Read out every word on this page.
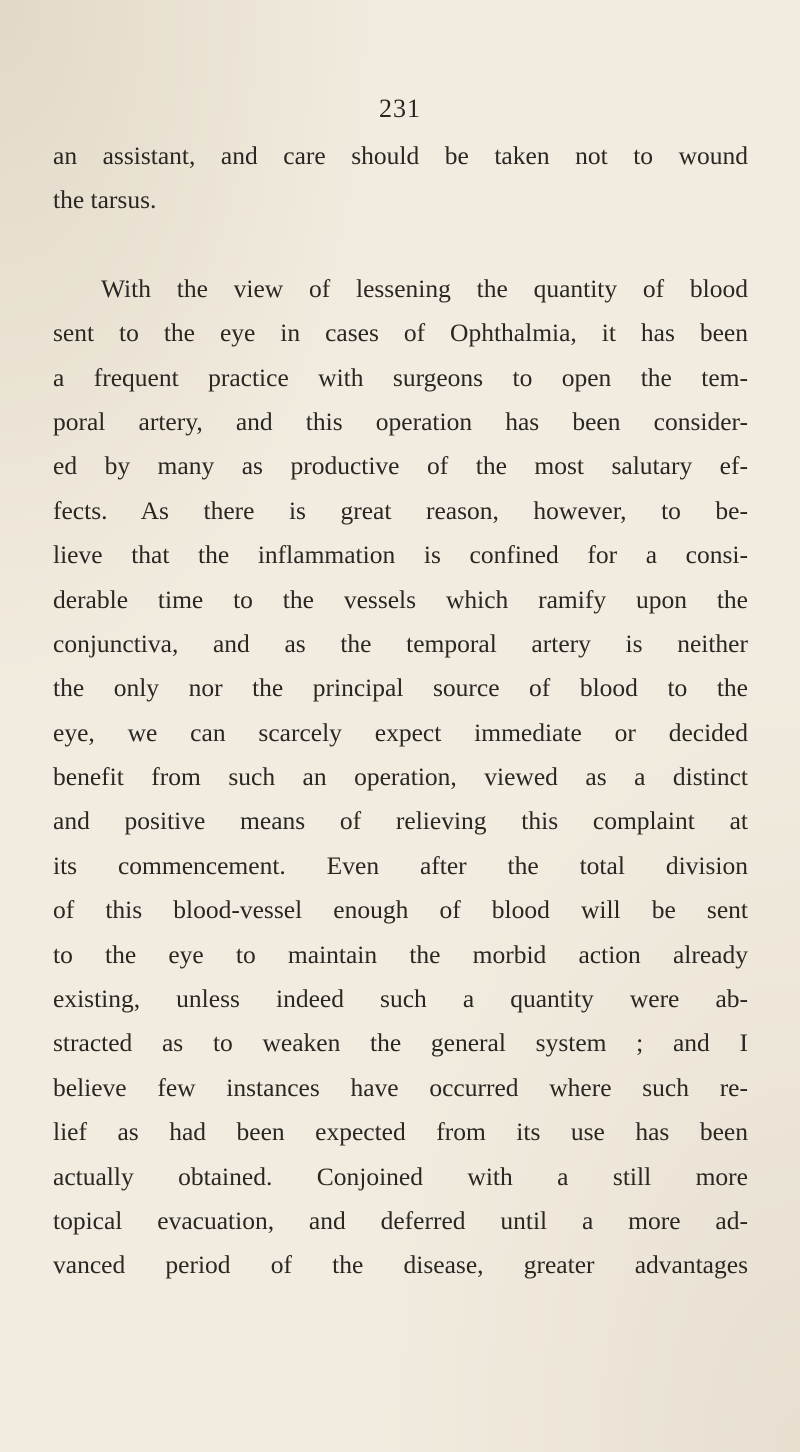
231
an assistant, and care should be taken not to wound
the tarsus.
With the view of lessening the quantity of blood
sent to the eye in cases of Ophthalmia, it has been
a frequent practice with surgeons to open the tem-
poral artery, and this operation has been consider-
ed by many as productive of the most salutary ef-
fects. As there is great reason, however, to be-
lieve that the inflammation is confined for a consi-
derable time to the vessels which ramify upon the
conjunctiva, and as the temporal artery is neither
the only nor the principal source of blood to the
eye, we can scarcely expect immediate or decided
benefit from such an operation, viewed as a distinct
and positive means of relieving this complaint at
its commencement. Even after the total division
of this blood-vessel enough of blood will be sent
to the eye to maintain the morbid action already
existing, unless indeed such a quantity were ab-
stracted as to weaken the general system ; and I
believe few instances have occurred where such re-
lief as had been expected from its use has been
actually obtained. Conjoined with a still more
topical evacuation, and deferred until a more ad-
vanced period of the disease, greater advantages
